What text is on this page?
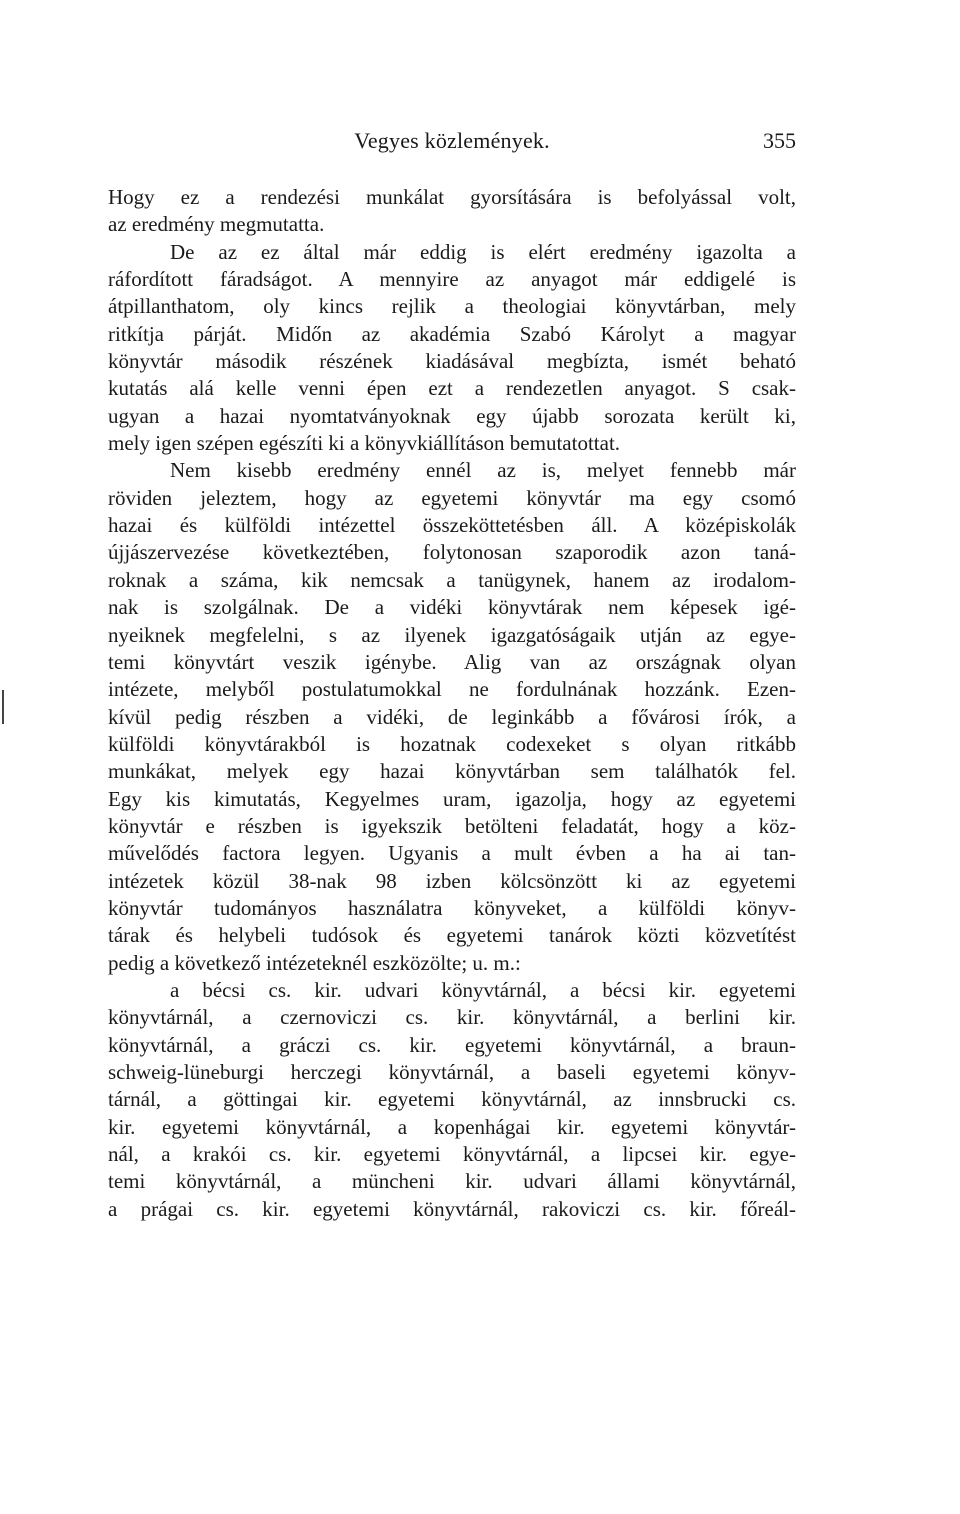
Vegyes közlemények.	355
Hogy ez a rendezési munkálat gyorsítására is befolyással volt,
az eredmény megmutatta.
De az ez által már eddig is elért eredmény igazolta a
ráfordított fáradságot. A mennyire az anyagot már eddigelé is
átpillanthatom, oly kincs rejlik a theologiai könyvtárban, mely
ritkítja párját. Midőn az akadémia Szabó Károlyt a magyar
könyvtár második részének kiadásával megbízta, ismét beható
kutatás alá kelle venni épen ezt a rendezetlen anyagot. S csak-
ugyan a hazai nyomtatványoknak egy újabb sorozata került ki,
mely igen szépen egészíti ki a könyvkiállításon bemutatottat.
Nem kisebb eredmény ennél az is, melyet fennebb már
röviden jeleztem, hogy az egyetemi könyvtár ma egy csomó
hazai és külföldi intézettel összeköttetésben áll. A középiskolák
újjászervezése következtében, folytonosan szaporodik azon taná-
roknak a száma, kik nemcsak a tanügynek, hanem az irodalom-
nak is szolgálnak. De a vidéki könyvtárak nem képesek igé-
nyeiknek megfelelni, s az ilyenek igazgatóságaik utján az egye-
temi könyvtárt veszik igénybe. Alig van az országnak olyan
intézete, melyből postulatumokkal ne fordulnának hozzánk. Ezen-
kívül pedig részben a vidéki, de leginkább a fővárosi írók, a
külföldi könyvtárakból is hozatnak codexeket s olyan ritkább
munkákat, melyek egy hazai könyvtárban sem találhatók fel.
Egy kis kimutatás, Kegyelmes uram, igazolja, hogy az egyetemi
könyvtár e részben is igyekszik betölteni feladatát, hogy a köz-
művelődés factora legyen. Ugyanis a mult évben a ha ai tan-
intézetek közül 38-nak 98 izben kölcsönzött ki az egyetemi
könyvtár tudományos használatra könyveket, a külföldi könyv-
tárak és helybeli tudósok és egyetemi tanárok közti közvetítést
pedig a következő intézeteknél eszközölte; u. m.:
a bécsi cs. kir. udvari könyvtárnál, a bécsi kir. egyetemi
könyvtárnál, a czernoviczi cs. kir. könyvtárnál, a berlini kir.
könyvtárnál, a gráczi cs. kir. egyetemi könyvtárnál, a braun-
schweig-lüneburgi herczegi könyvtárnál, a baseli egyetemi könyv-
tárnál, a göttingai kir. egyetemi könyvtárnál, az innsbrucki cs.
kir. egyetemi könyvtárnál, a kopenhágai kir. egyetemi könyvtár-
nál, a krakói cs. kir. egyetemi könyvtárnál, a lipcsei kir. egye-
temi könyvtárnál, a müncheni kir. udvari állami könyvtárnál,
a prágai cs. kir. egyetemi könyvtárnál, rakoviczi cs. kir. főreál-
